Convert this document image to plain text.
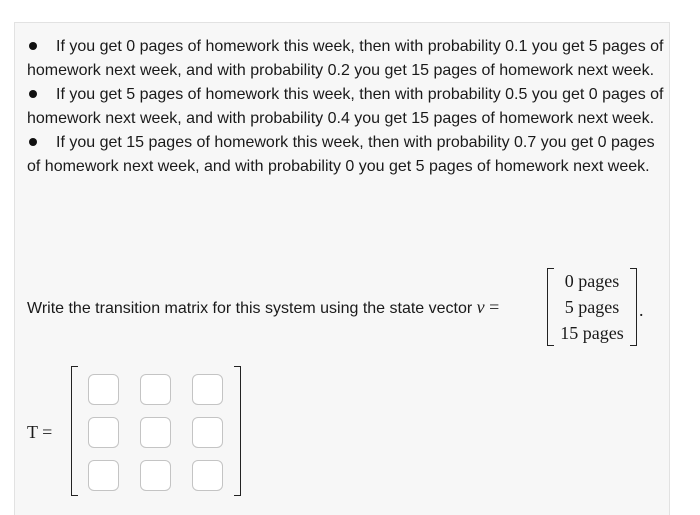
If you get 0 pages of homework this week, then with probability 0.1 you get 5 pages of homework next week, and with probability 0.2 you get 15 pages of homework next week.

If you get 5 pages of homework this week, then with probability 0.5 you get 0 pages of homework next week, and with probability 0.4 you get 15 pages of homework next week.

If you get 15 pages of homework this week, then with probability 0.7 you get 0 pages of homework next week, and with probability 0 you get 5 pages of homework next week.

Write the transition matrix for this system using the state vector v =
0 pages
5 pages
15 pages
.
T =
